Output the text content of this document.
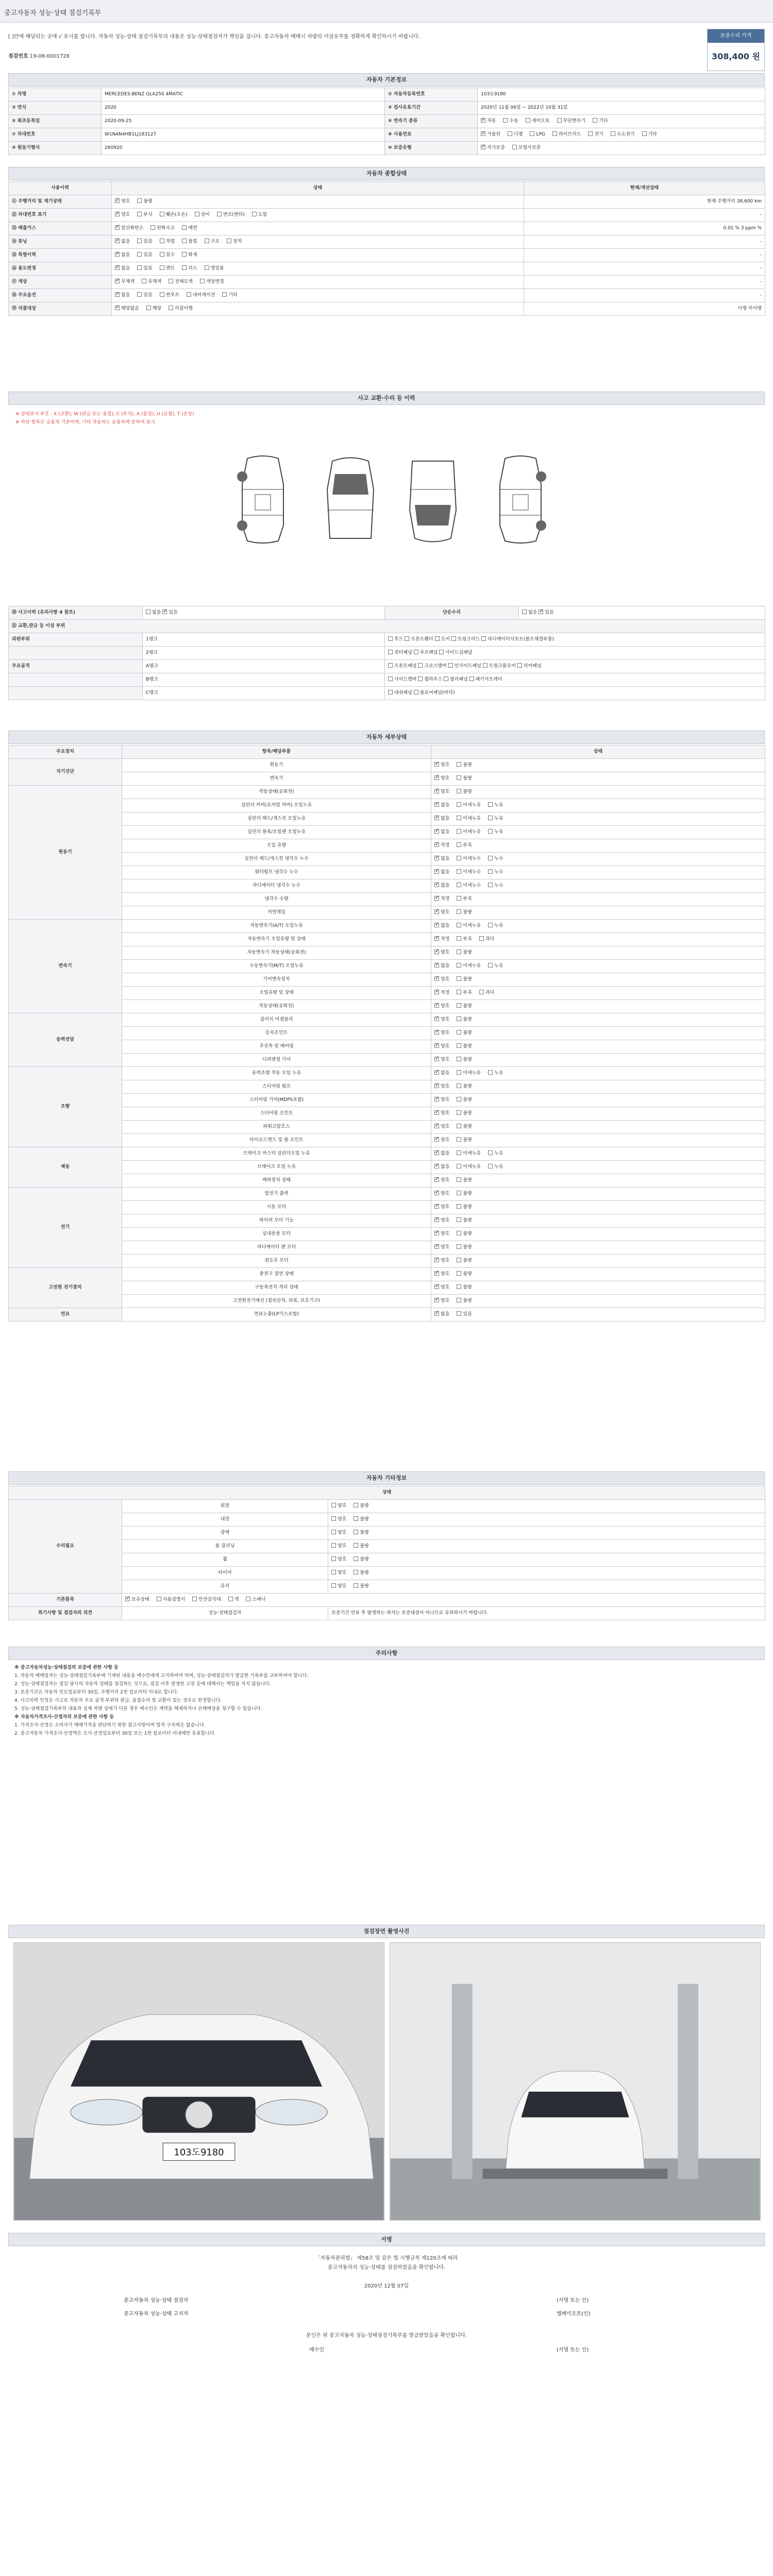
중고자동차 성능·상태 점검기록부
[ ]안에 해당되는 곳에 √ 표시를 합니다. 자동차 성능·상태 점검기록부의 내용은 성능·상태점검자가 책임을 집니다. 중고자동차 매매시 차량의 이상유무를 정확하게 확인하시기 바랍니다.
점검번호 19-08-0001728
보증수리 가격
308,400 원
자동차 기본정보
① 차명	MERCEDES-BENZ GLA250 4MATIC	② 자동차등록번호	103도9180
③ 연식	2020	④ 검사유효기간	2020년 11월 06일 ~ 2022년 10월 31일
⑤ 최초등록일	2020-09-25	⑥ 변속기 종류	✓자동 수동 세미오토 무단변속기 기타
⑦ 차대번호	W1N4N4HB1LJ183127	⑧ 사용연료	✓가솔린 디젤 LPG 하이브리드 전기 수소전기 기타
⑨ 원동기형식	260920	⑩ 보증유형	✓자가보증 보험사보증
자동차 종합상태
사용이력	상태	현재/개선상태
⑪ 주행거리 및 계기상태	✓양호 불량	현재 주행거리 38,600 km
⑫ 차대번호 표기	✓양호 부식 훼손(오손) 상이 변조(변타) 도말	-
⑬ 배출가스	✓일산화탄소 탄화수소 매연	0.01 % 3 ppm %
⑭ 튜닝	✓없음 있음 적법 불법 구조 장치	-
⑮ 특별이력	✓없음 있음 침수 화재	-
⑯ 용도변경	✓없음 있음 렌트 리스 영업용	-
⑰ 색상	✓무채색 유채색 전체도색 색상변경	-
⑱ 주요옵션	✓없음 있음 썬루프 네비게이션 기타	-
⑲ 리콜대상	✓해당없음 해당 리콜이행	이행 미이행
사고 교환·수리 등 이력
※ 상태표시 부호 : X (교환), W (판금 또는 용접), C (부식), A (흠집), U (요철), T (손상)
※ 하단 항목은 승용차 기준이며, 기타 자동차는 승용차에 준하여 표시
⑳ 사고이력 (유의사항 4 참조)	없음 ✓있음	단순수리	없음 ✓있음
㉑ 교환,판금 등 이상 부위			
외판부위	1랭크	후드 프론트휀더 도어 트렁크리드 라디에이터서포트(볼트체결부품)	
	2랭크	쿼터패널 루프패널 사이드실패널	
주요골격	A랭크	프론트패널 크로스멤버 인사이드패널 트렁크플로어 리어패널	
	B랭크	사이드멤버 휠하우스 필러패널 패키지트레이	
	C랭크	대쉬패널 플로어패널(바닥)	
자동차 세부상태
주요장치	항목/해당부품	상태
자기진단	원동기	✓양호 불량
	변속기	✓양호 불량
원동기	작동상태(공회전)	✓양호 불량
	실린더 커버(로커암 커버) 오일누유	✓없음 미세누유 누유
	실린더 헤드/개스킷 오일누유	✓없음 미세누유 누유
	실린더 블록/오일팬 오일누유	✓없음 미세누유 누유
	오일 유량	✓적정 부족
	실린더 헤드/개스킷 냉각수 누수	✓없음 미세누수 누수
	워터펌프 냉각수 누수	✓없음 미세누수 누수
	라디에이터 냉각수 누수	✓없음 미세누수 누수
	냉각수 수량	✓적정 부족
	커먼레일	✓양호 불량
변속기	자동변속기(A/T) 오일누유	✓없음 미세누유 누유
	자동변속기 오일유량 및 상태	✓적정 부족 과다
	자동변속기 작동상태(공회전)	✓양호 불량
	수동변속기(M/T) 오일누유	✓없음 미세누유 누유
	기어변속장치	✓양호 불량
	오일유량 및 상태	✓적정 부족 과다
	작동상태(공회전)	✓양호 불량
동력전달	클러치 어셈블리	✓양호 불량
	등속조인트	✓양호 불량
	추진축 및 베어링	✓양호 불량
	디퍼렌셜 기어	✓양호 불량
조향	동력조향 작동 오일 누유	✓없음 미세누유 누유
	스티어링 펌프	✓양호 불량
	스티어링 기어(MDPS포함)	✓양호 불량
	스티어링 조인트	✓양호 불량
	파워고압호스	✓양호 불량
	타이로드엔드 및 볼 조인트	✓양호 불량
제동	브레이크 마스터 실린더오일 누유	✓없음 미세누유 누유
	브레이크 오일 누유	✓없음 미세누유 누유
	배력장치 상태	✓양호 불량
전기	발전기 출력	✓양호 불량
	시동 모터	✓양호 불량
	와이퍼 모터 기능	✓양호 불량
	실내송풍 모터	✓양호 불량
	라디에이터 팬 모터	✓양호 불량
	윈도우 모터	✓양호 불량
고전원 전기장치	충전구 절연 상태	✓양호 불량
	구동축전지 격리 상태	✓양호 불량
	고전원전기배선 (접속단자, 피복, 보호기구)	✓양호 불량
연료	연료누출(LP가스포함)	✓없음 있음
자동차 기타정보
상태		
수리필요	외장	양호 불량
	내장	양호 불량
	광택	양호 불량
	룸 클리닝	양호 불량
	휠	양호 불량
	타이어	양호 불량
	유리	양호 불량
기본품목	✓보유상태 사용설명서 안전삼각대 잭 스패너
특기사항 및 점검자의 의견	성능·상태점검자	보증기간 만료 후 발생하는 하자는 보증대상이 아니므로 유의하시기 바랍니다.
주의사항

※ 중고자동차성능·상태점검의 보증에 관한 사항 등

1. 자동차 매매업자는 성능·상태점검기록부에 기재된 내용을 매수인에게 고지하여야 하며, 성능·상태점검자가 발급한 기록부를 교부하여야 합니다.

2. 성능·상태점검자는 점검 당시의 자동차 상태를 점검하는 것으로, 점검 이후 발생한 고장 등에 대해서는 책임을 지지 않습니다.

3. 보증기간은 자동차 인도일로부터 30일, 주행거리 2천 킬로미터 이내로 합니다.

4. 사고이력 인정은 사고로 자동차 주요 골격 부위의 판금, 용접수리 및 교환이 있는 경우로 한정합니다.

5. 성능·상태점검기록부의 내용과 실제 차량 상태가 다른 경우 매수인은 계약을 해제하거나 손해배상을 청구할 수 있습니다.

※ 자동차가격조사·산정자의 보증에 관한 사항 등

1. 가격조사·산정은 소비자가 매매가격을 판단하기 위한 참고사항이며 법적 구속력은 없습니다.

2. 중고자동차 가격조사·산정액은 조사·산정일로부터 30일 또는 1천 킬로미터 이내에만 유효합니다.

점검장면 촬영사진
103도9180
서명
「자동차관리법」 제58조 및 같은 법 시행규칙 제120조에 따라
중고자동차의 성능·상태를 점검하였음을 확인합니다.
2020년 12월 07일
중고자동차 성능·상태 점검자	(서명 또는 인)
중고자동차 성능·상태 고지자	엘케이오토(인)
본인은 위 중고자동차 성능·상태점검기록부를 발급받았음을 확인합니다.
매수인	(서명 또는 인)
